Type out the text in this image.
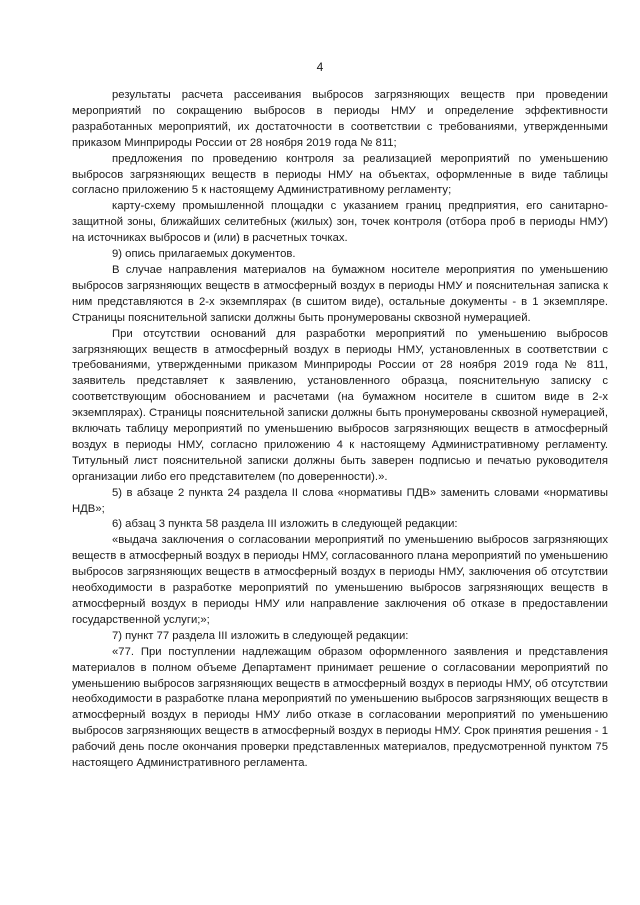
4

результаты расчета рассеивания выбросов загрязняющих веществ при проведении мероприятий по сокращению выбросов в периоды НМУ и определение эффективности разработанных мероприятий, их достаточности в соответствии с требованиями, утвержденными приказом Минприроды России от 28 ноября 2019 года № 811;

предложения по проведению контроля за реализацией мероприятий по уменьшению выбросов загрязняющих веществ в периоды НМУ на объектах, оформленные в виде таблицы согласно приложению 5 к настоящему Административному регламенту;

карту-схему промышленной площадки с указанием границ предприятия, его санитарно-защитной зоны, ближайших селитебных (жилых) зон, точек контроля (отбора проб в периоды НМУ) на источниках выбросов и (или) в расчетных точках.

9) опись прилагаемых документов.

В случае направления материалов на бумажном носителе мероприятия по уменьшению выбросов загрязняющих веществ в атмосферный воздух в периоды НМУ и пояснительная записка к ним представляются в 2-х экземплярах (в сшитом виде), остальные документы - в 1 экземпляре. Страницы пояснительной записки должны быть пронумерованы сквозной нумерацией.

При отсутствии оснований для разработки мероприятий по уменьшению выбросов загрязняющих веществ в атмосферный воздух в периоды НМУ, установленных в соответствии с требованиями, утвержденными приказом Минприроды России от 28 ноября 2019 года № 811, заявитель представляет к заявлению, установленного образца, пояснительную записку с соответствующим обоснованием и расчетами (на бумажном носителе в сшитом виде в 2-х экземплярах). Страницы пояснительной записки должны быть пронумерованы сквозной нумерацией, включать таблицу мероприятий по уменьшению выбросов загрязняющих веществ в атмосферный воздух в периоды НМУ, согласно приложению 4 к настоящему Административному регламенту. Титульный лист пояснительной записки должны быть заверен подписью и печатью руководителя организации либо его представителем (по доверенности).».

5) в абзаце 2 пункта 24 раздела II слова «нормативы ПДВ» заменить словами «нормативы НДВ»;

6) абзац 3 пункта 58 раздела III изложить в следующей редакции:

«выдача заключения о согласовании мероприятий по уменьшению выбросов загрязняющих веществ в атмосферный воздух в периоды НМУ, согласованного плана мероприятий по уменьшению выбросов загрязняющих веществ в атмосферный воздух в периоды НМУ, заключения об отсутствии необходимости в разработке мероприятий по уменьшению выбросов загрязняющих веществ в атмосферный воздух в периоды НМУ или направление заключения об отказе в предоставлении государственной услуги;»;

7) пункт 77 раздела III изложить в следующей редакции:

«77. При поступлении надлежащим образом оформленного заявления и представления материалов в полном объеме Департамент принимает решение о согласовании мероприятий по уменьшению выбросов загрязняющих веществ в атмосферный воздух в периоды НМУ, об отсутствии необходимости в разработке плана мероприятий по уменьшению выбросов загрязняющих веществ в атмосферный воздух в периоды НМУ либо отказе в согласовании мероприятий по уменьшению выбросов загрязняющих веществ в атмосферный воздух в периоды НМУ. Срок принятия решения - 1 рабочий день после окончания проверки представленных материалов, предусмотренной пунктом 75 настоящего Административного регламента.
